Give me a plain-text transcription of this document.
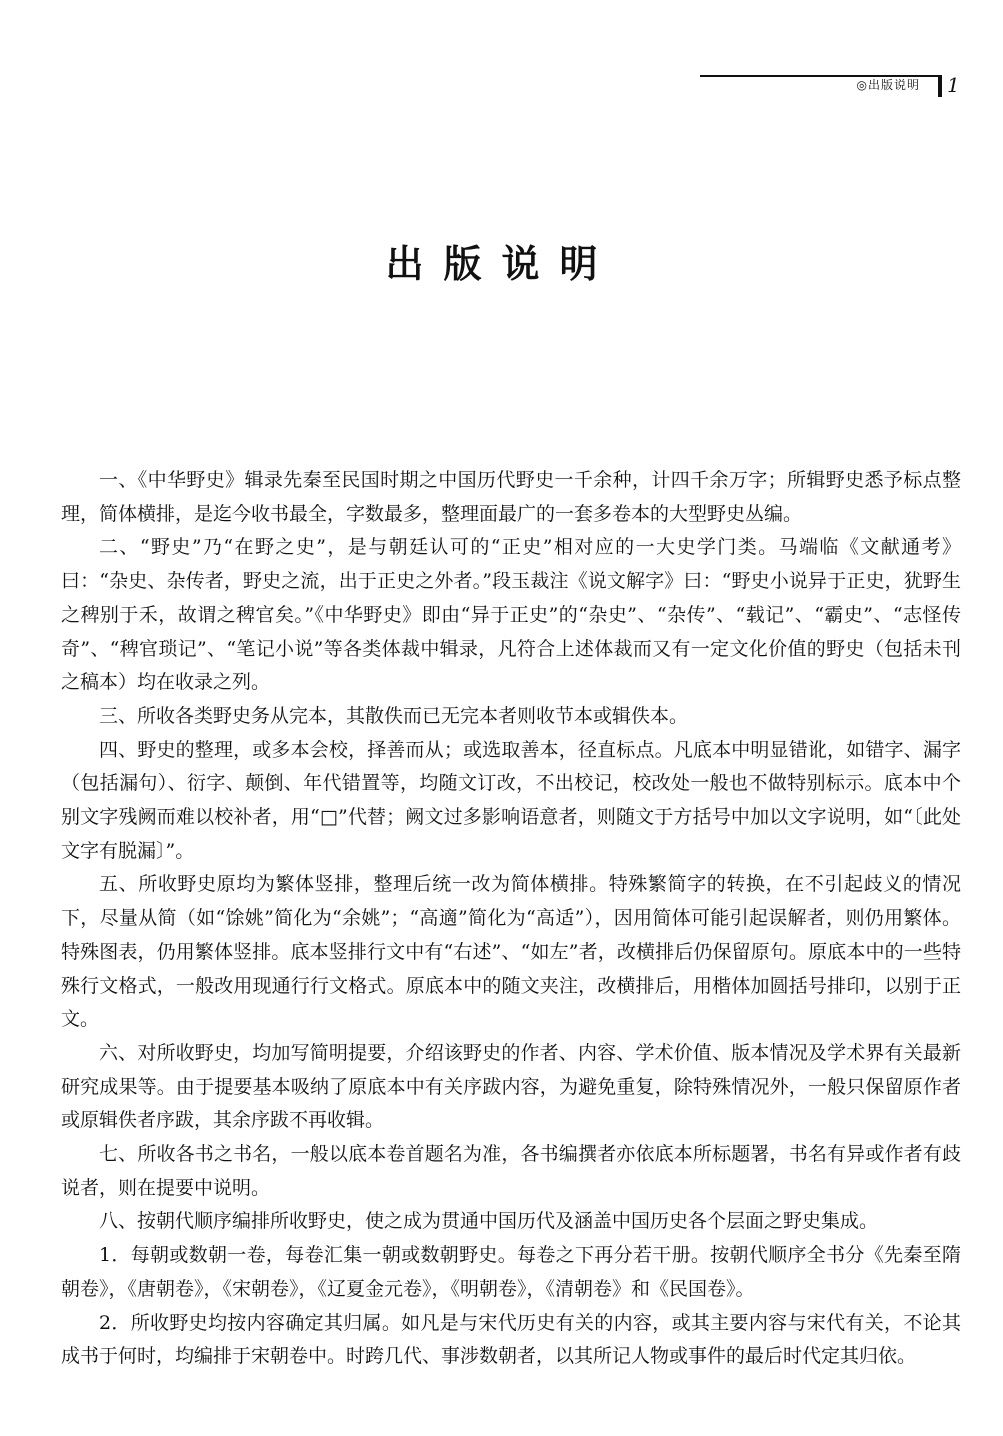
◎出版说明 1
出版说明

一、《中华野史》辑录先秦至民国时期之中国历代野史一千余种，计四千余万字；所辑野史悉予标点整理，简体横排，是迄今收书最全，字数最多，整理面最广的一套多卷本的大型野史丛编。

二、“野史”乃“在野之史”，是与朝廷认可的“正史”相对应的一大史学门类。马端临《文献通考》曰：“杂史、杂传者，野史之流，出于正史之外者。”段玉裁注《说文解字》曰：“野史小说异于正史，犹野生之稗别于禾，故谓之稗官矣。”《中华野史》即由“异于正史”的“杂史”、“杂传”、“载记”、“霸史”、“志怪传奇”、“稗官琐记”、“笔记小说”等各类体裁中辑录，凡符合上述体裁而又有一定文化价值的野史（包括未刊之稿本）均在收录之列。

三、所收各类野史务从完本，其散佚而已无完本者则收节本或辑佚本。

四、野史的整理，或多本会校，择善而从；或选取善本，径直标点。凡底本中明显错讹，如错字、漏字（包括漏句）、衍字、颠倒、年代错置等，均随文订改，不出校记，校改处一般也不做特别标示。底本中个别文字残阙而难以校补者，用“□”代替；阙文过多影响语意者，则随文于方括号中加以文字说明，如“〔此处文字有脱漏〕”。

五、所收野史原均为繁体竖排，整理后统一改为简体横排。特殊繁简字的转换，在不引起歧义的情况下，尽量从简（如“馀姚”简化为“余姚”；“高適”简化为“高适”），因用简体可能引起误解者，则仍用繁体。特殊图表，仍用繁体竖排。底本竖排行文中有“右述”、“如左”者，改横排后仍保留原句。原底本中的一些特殊行文格式，一般改用现通行行文格式。原底本中的随文夹注，改横排后，用楷体加圆括号排印，以别于正文。

六、对所收野史，均加写简明提要，介绍该野史的作者、内容、学术价值、版本情况及学术界有关最新研究成果等。由于提要基本吸纳了原底本中有关序跋内容，为避免重复，除特殊情况外，一般只保留原作者或原辑佚者序跋，其余序跋不再收辑。

七、所收各书之书名，一般以底本卷首题名为准，各书编撰者亦依底本所标题署，书名有异或作者有歧说者，则在提要中说明。

八、按朝代顺序编排所收野史，使之成为贯通中国历代及涵盖中国历史各个层面之野史集成。

1．每朝或数朝一卷，每卷汇集一朝或数朝野史。每卷之下再分若干册。按朝代顺序全书分《先秦至隋朝卷》，《唐朝卷》，《宋朝卷》，《辽夏金元卷》，《明朝卷》，《清朝卷》和《民国卷》。

2．所收野史均按内容确定其归属。如凡是与宋代历史有关的内容，或其主要内容与宋代有关，不论其成书于何时，均编排于宋朝卷中。时跨几代、事涉数朝者，以其所记人物或事件的最后时代定其归依。
